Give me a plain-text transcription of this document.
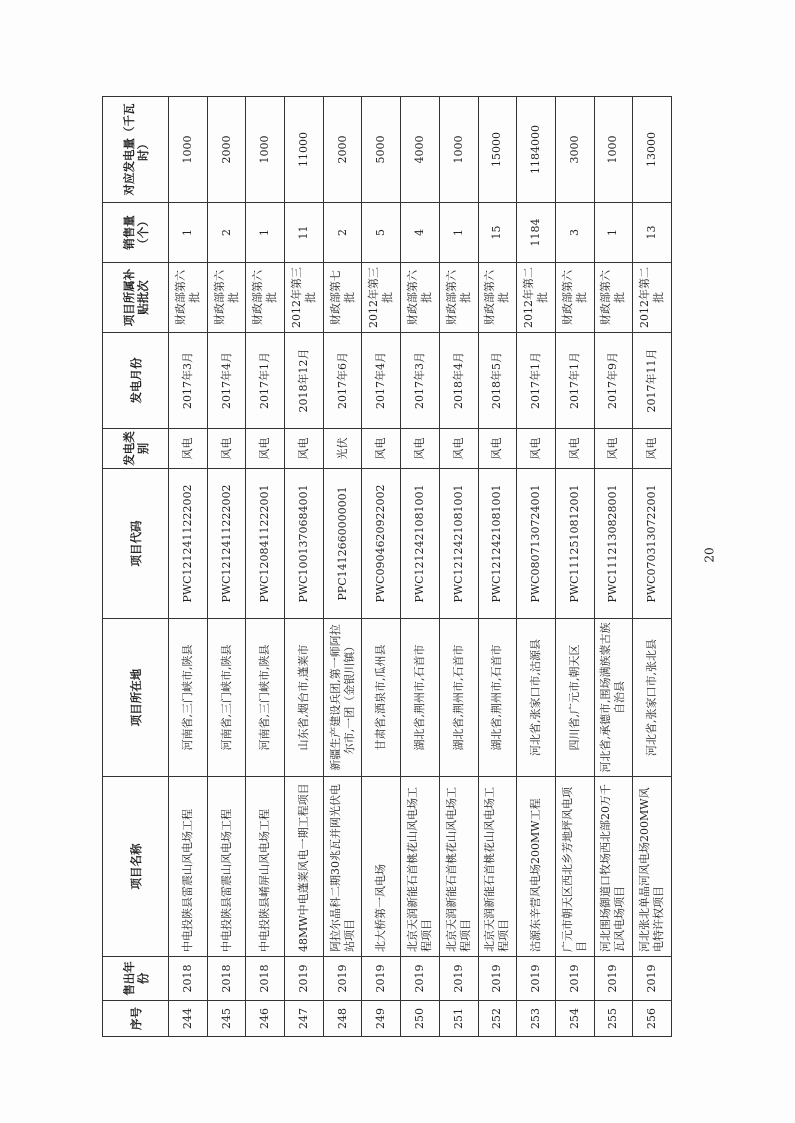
序号	售出年份	项目名称	项目所在地	项目代码	发电类别	发电月份	项目所属补贴批次	销售量（个）	对应发电量（千瓦时）
244	2018	中电投陕县雷震山风电场工程	河南省,三门峡市,陕县	PWC1212411222002	风电	2017年3月	财政部第六批	1	1000
245	2018	中电投陕县雷震山风电场工程	河南省,三门峡市,陕县	PWC1212411222002	风电	2017年4月	财政部第六批	2	2000
246	2018	中电投陕县崤屏山风电场工程	河南省,三门峡市,陕县	PWC1208411222001	风电	2017年1月	财政部第六批	1	1000
247	2019	48MW中电蓬莱风电一期工程项目	山东省,烟台市,蓬莱市	PWC1001370684001	风电	2018年12月	2012年第三批	11	11000
248	2019	阿拉尔晶科二期30兆瓦并网光伏电站项目	新疆生产建设兵团,第一师阿拉尔市,一团（金银川镇）	PPC1412660000001	光伏	2017年6月	财政部第七批	2	2000
249	2019	北大桥第一风电场	甘肃省,酒泉市,瓜州县	PWC0904620922002	风电	2017年4月	2012年第三批	5	5000
250	2019	北京天润新能石首桃花山风电场工程项目	湖北省,荆州市,石首市	PWC1212421081001	风电	2017年3月	财政部第六批	4	4000
251	2019	北京天润新能石首桃花山风电场工程项目	湖北省,荆州市,石首市	PWC1212421081001	风电	2018年4月	财政部第六批	1	1000
252	2019	北京天润新能石首桃花山风电场工程项目	湖北省,荆州市,石首市	PWC1212421081001	风电	2018年5月	财政部第六批	15	15000
253	2019	沽源东辛营风电场200MW工程	河北省,张家口市,沽源县	PWC0807130724001	风电	2017年1月	2012年第二批	1184	1184000
254	2019	广元市朝天区西北乡芳地坪风电项目	四川省,广元市,朝天区	PWC1112510812001	风电	2017年1月	财政部第六批	3	3000
255	2019	河北围场御道口牧场西北部20万千瓦风电场项目	河北省,承德市,围场满族蒙古族自治县	PWC1112130828001	风电	2017年9月	财政部第六批	1	1000
256	2019	河北张北单晶河风电场200MW风电特许权项目	河北省,张家口市,张北县	PWC0703130722001	风电	2017年11月	2012年第二批	13	13000
20
